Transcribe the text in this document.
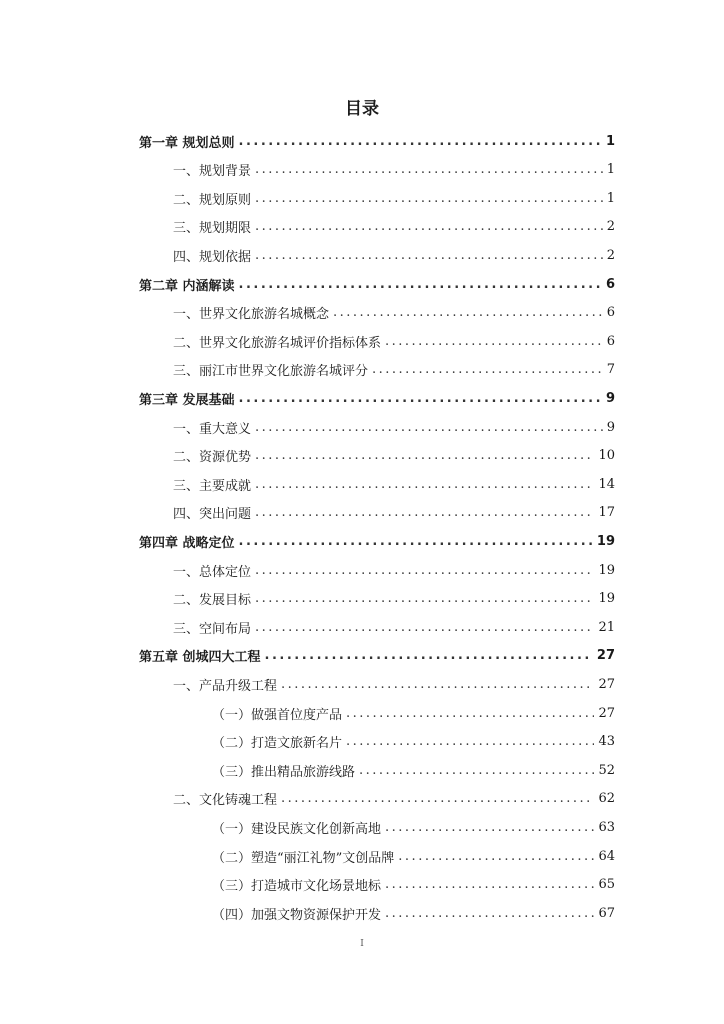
目录
第一章 规划总则 .....	1
一、规划背景 .....	1
二、规划原则 .....	1
三、规划期限 .....	2
四、规划依据 .....	2
第二章 内涵解读 .....	6
一、世界文化旅游名城概念 .....	6
二、世界文化旅游名城评价指标体系 .....	6
三、丽江市世界文化旅游名城评分 .....	7
第三章 发展基础 .....	9
一、重大意义 .....	9
二、资源优势 .....	10
三、主要成就 .....	14
四、突出问题 .....	17
第四章 战略定位 .....	19
一、总体定位 .....	19
二、发展目标 .....	19
三、空间布局 .....	21
第五章 创城四大工程 .....	27
一、产品升级工程 .....	27
（一）做强首位度产品 .....	27
（二）打造文旅新名片 .....	43
（三）推出精品旅游线路 .....	52
二、文化铸魂工程 .....	62
（一）建设民族文化创新高地 .....	63
（二）塑造“丽江礼物”文创品牌 .....	64
（三）打造城市文化场景地标 .....	65
（四）加强文物资源保护开发 .....	67
I
